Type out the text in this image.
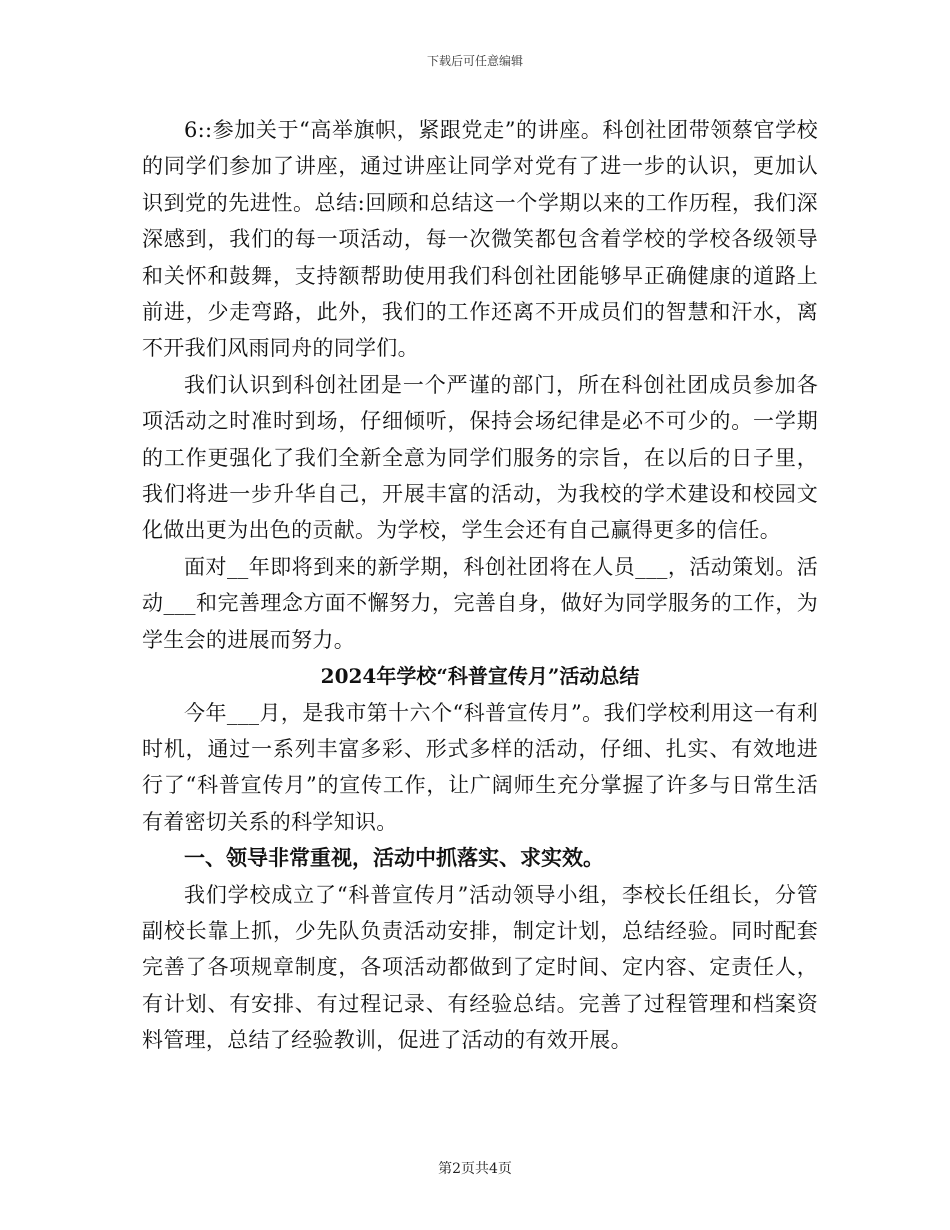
下载后可任意编辑

6::参加关于“高举旗帜，紧跟党走”的讲座。科创社团带领蔡官学校的同学们参加了讲座，通过讲座让同学对党有了进一步的认识，更加认识到党的先进性。总结:回顾和总结这一个学期以来的工作历程，我们深深感到，我们的每一项活动，每一次微笑都包含着学校的学校各级领导和关怀和鼓舞，支持额帮助使用我们科创社团能够早正确健康的道路上前进，少走弯路，此外，我们的工作还离不开成员们的智慧和汗水，离不开我们风雨同舟的同学们。

我们认识到科创社团是一个严谨的部门，所在科创社团成员参加各项活动之时准时到场，仔细倾听，保持会场纪律是必不可少的。一学期的工作更强化了我们全新全意为同学们服务的宗旨，在以后的日子里，我们将进一步升华自己，开展丰富的活动，为我校的学术建设和校园文化做出更为出色的贡献。为学校，学生会还有自己赢得更多的信任。

面对__年即将到来的新学期，科创社团将在人员___，活动策划。活动___和完善理念方面不懈努力，完善自身，做好为同学服务的工作，为学生会的进展而努力。

2024年学校“科普宣传月”活动总结

今年___月，是我市第十六个“科普宣传月”。我们学校利用这一有利时机，通过一系列丰富多彩、形式多样的活动，仔细、扎实、有效地进行了“科普宣传月”的宣传工作，让广阔师生充分掌握了许多与日常生活有着密切关系的科学知识。

一、领导非常重视，活动中抓落实、求实效。

我们学校成立了“科普宣传月”活动领导小组，李校长任组长，分管副校长靠上抓，少先队负责活动安排，制定计划，总结经验。同时配套完善了各项规章制度，各项活动都做到了定时间、定内容、定责任人，有计划、有安排、有过程记录、有经验总结。完善了过程管理和档案资料管理，总结了经验教训，促进了活动的有效开展。

第2页共4页
